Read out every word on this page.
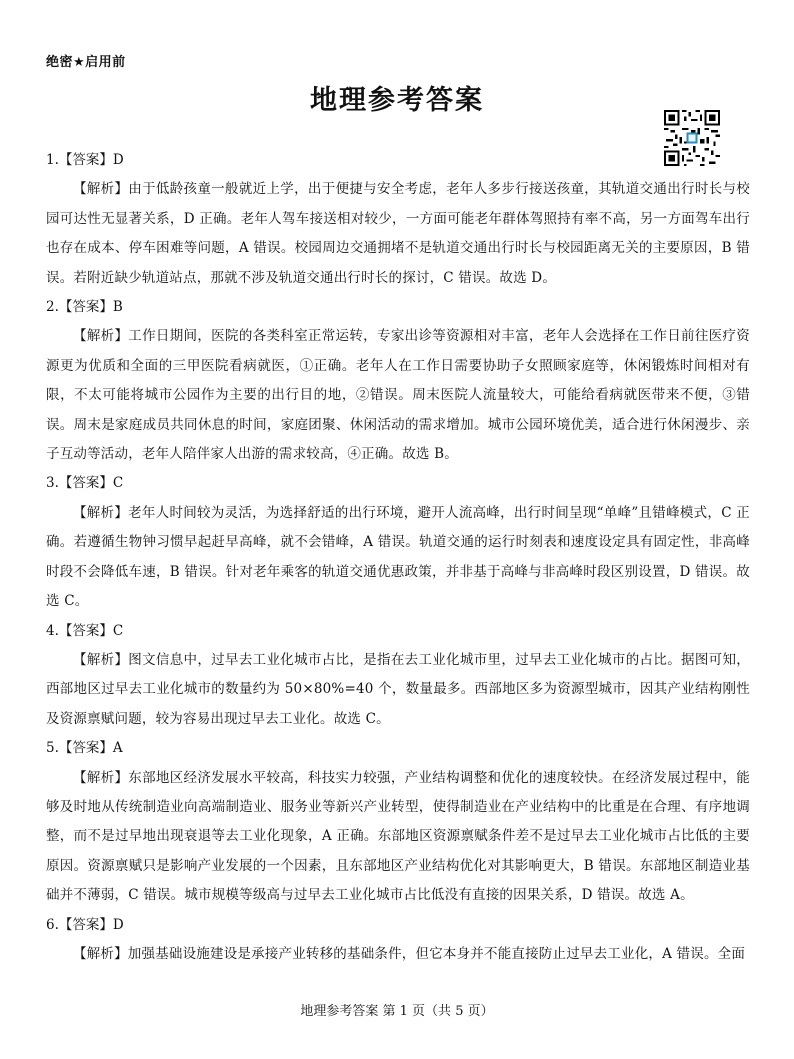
绝密★启用前
地理参考答案
1.【答案】D

【解析】由于低龄孩童一般就近上学，出于便捷与安全考虑，老年人多步行接送孩童，其轨道交通出行时长与校园可达性无显著关系，D 正确。老年人驾车接送相对较少，一方面可能老年群体驾照持有率不高，另一方面驾车出行也存在成本、停车困难等问题，A 错误。校园周边交通拥堵不是轨道交通出行时长与校园距离无关的主要原因，B 错误。若附近缺少轨道站点，那就不涉及轨道交通出行时长的探讨，C 错误。故选 D。

2.【答案】B

【解析】工作日期间，医院的各类科室正常运转，专家出诊等资源相对丰富，老年人会选择在工作日前往医疗资源更为优质和全面的三甲医院看病就医，①正确。老年人在工作日需要协助子女照顾家庭等，休闲锻炼时间相对有限，不太可能将城市公园作为主要的出行目的地，②错误。周末医院人流量较大，可能给看病就医带来不便，③错误。周末是家庭成员共同休息的时间，家庭团聚、休闲活动的需求增加。城市公园环境优美，适合进行休闲漫步、亲子互动等活动，老年人陪伴家人出游的需求较高，④正确。故选 B。

3.【答案】C

【解析】老年人时间较为灵活，为选择舒适的出行环境，避开人流高峰，出行时间呈现“单峰”且错峰模式，C 正确。若遵循生物钟习惯早起赶早高峰，就不会错峰，A 错误。轨道交通的运行时刻表和速度设定具有固定性，非高峰时段不会降低车速，B 错误。针对老年乘客的轨道交通优惠政策，并非基于高峰与非高峰时段区别设置，D 错误。故选 C。

4.【答案】C

【解析】图文信息中，过早去工业化城市占比，是指在去工业化城市里，过早去工业化城市的占比。据图可知，西部地区过早去工业化城市的数量约为 50×80%=40 个，数量最多。西部地区多为资源型城市，因其产业结构刚性及资源禀赋问题，较为容易出现过早去工业化。故选 C。

5.【答案】A

【解析】东部地区经济发展水平较高，科技实力较强，产业结构调整和优化的速度较快。在经济发展过程中，能够及时地从传统制造业向高端制造业、服务业等新兴产业转型，使得制造业在产业结构中的比重是在合理、有序地调整，而不是过早地出现衰退等去工业化现象，A 正确。东部地区资源禀赋条件差不是过早去工业化城市占比低的主要原因。资源禀赋只是影响产业发展的一个因素，且东部地区产业结构优化对其影响更大，B 错误。东部地区制造业基础并不薄弱，C 错误。城市规模等级高与过早去工业化城市占比低没有直接的因果关系，D 错误。故选 A。

6.【答案】D

【解析】加强基础设施建设是承接产业转移的基础条件，但它本身并不能直接防止过早去工业化，A 错误。全面

地理参考答案 第 1 页（共 5 页）
